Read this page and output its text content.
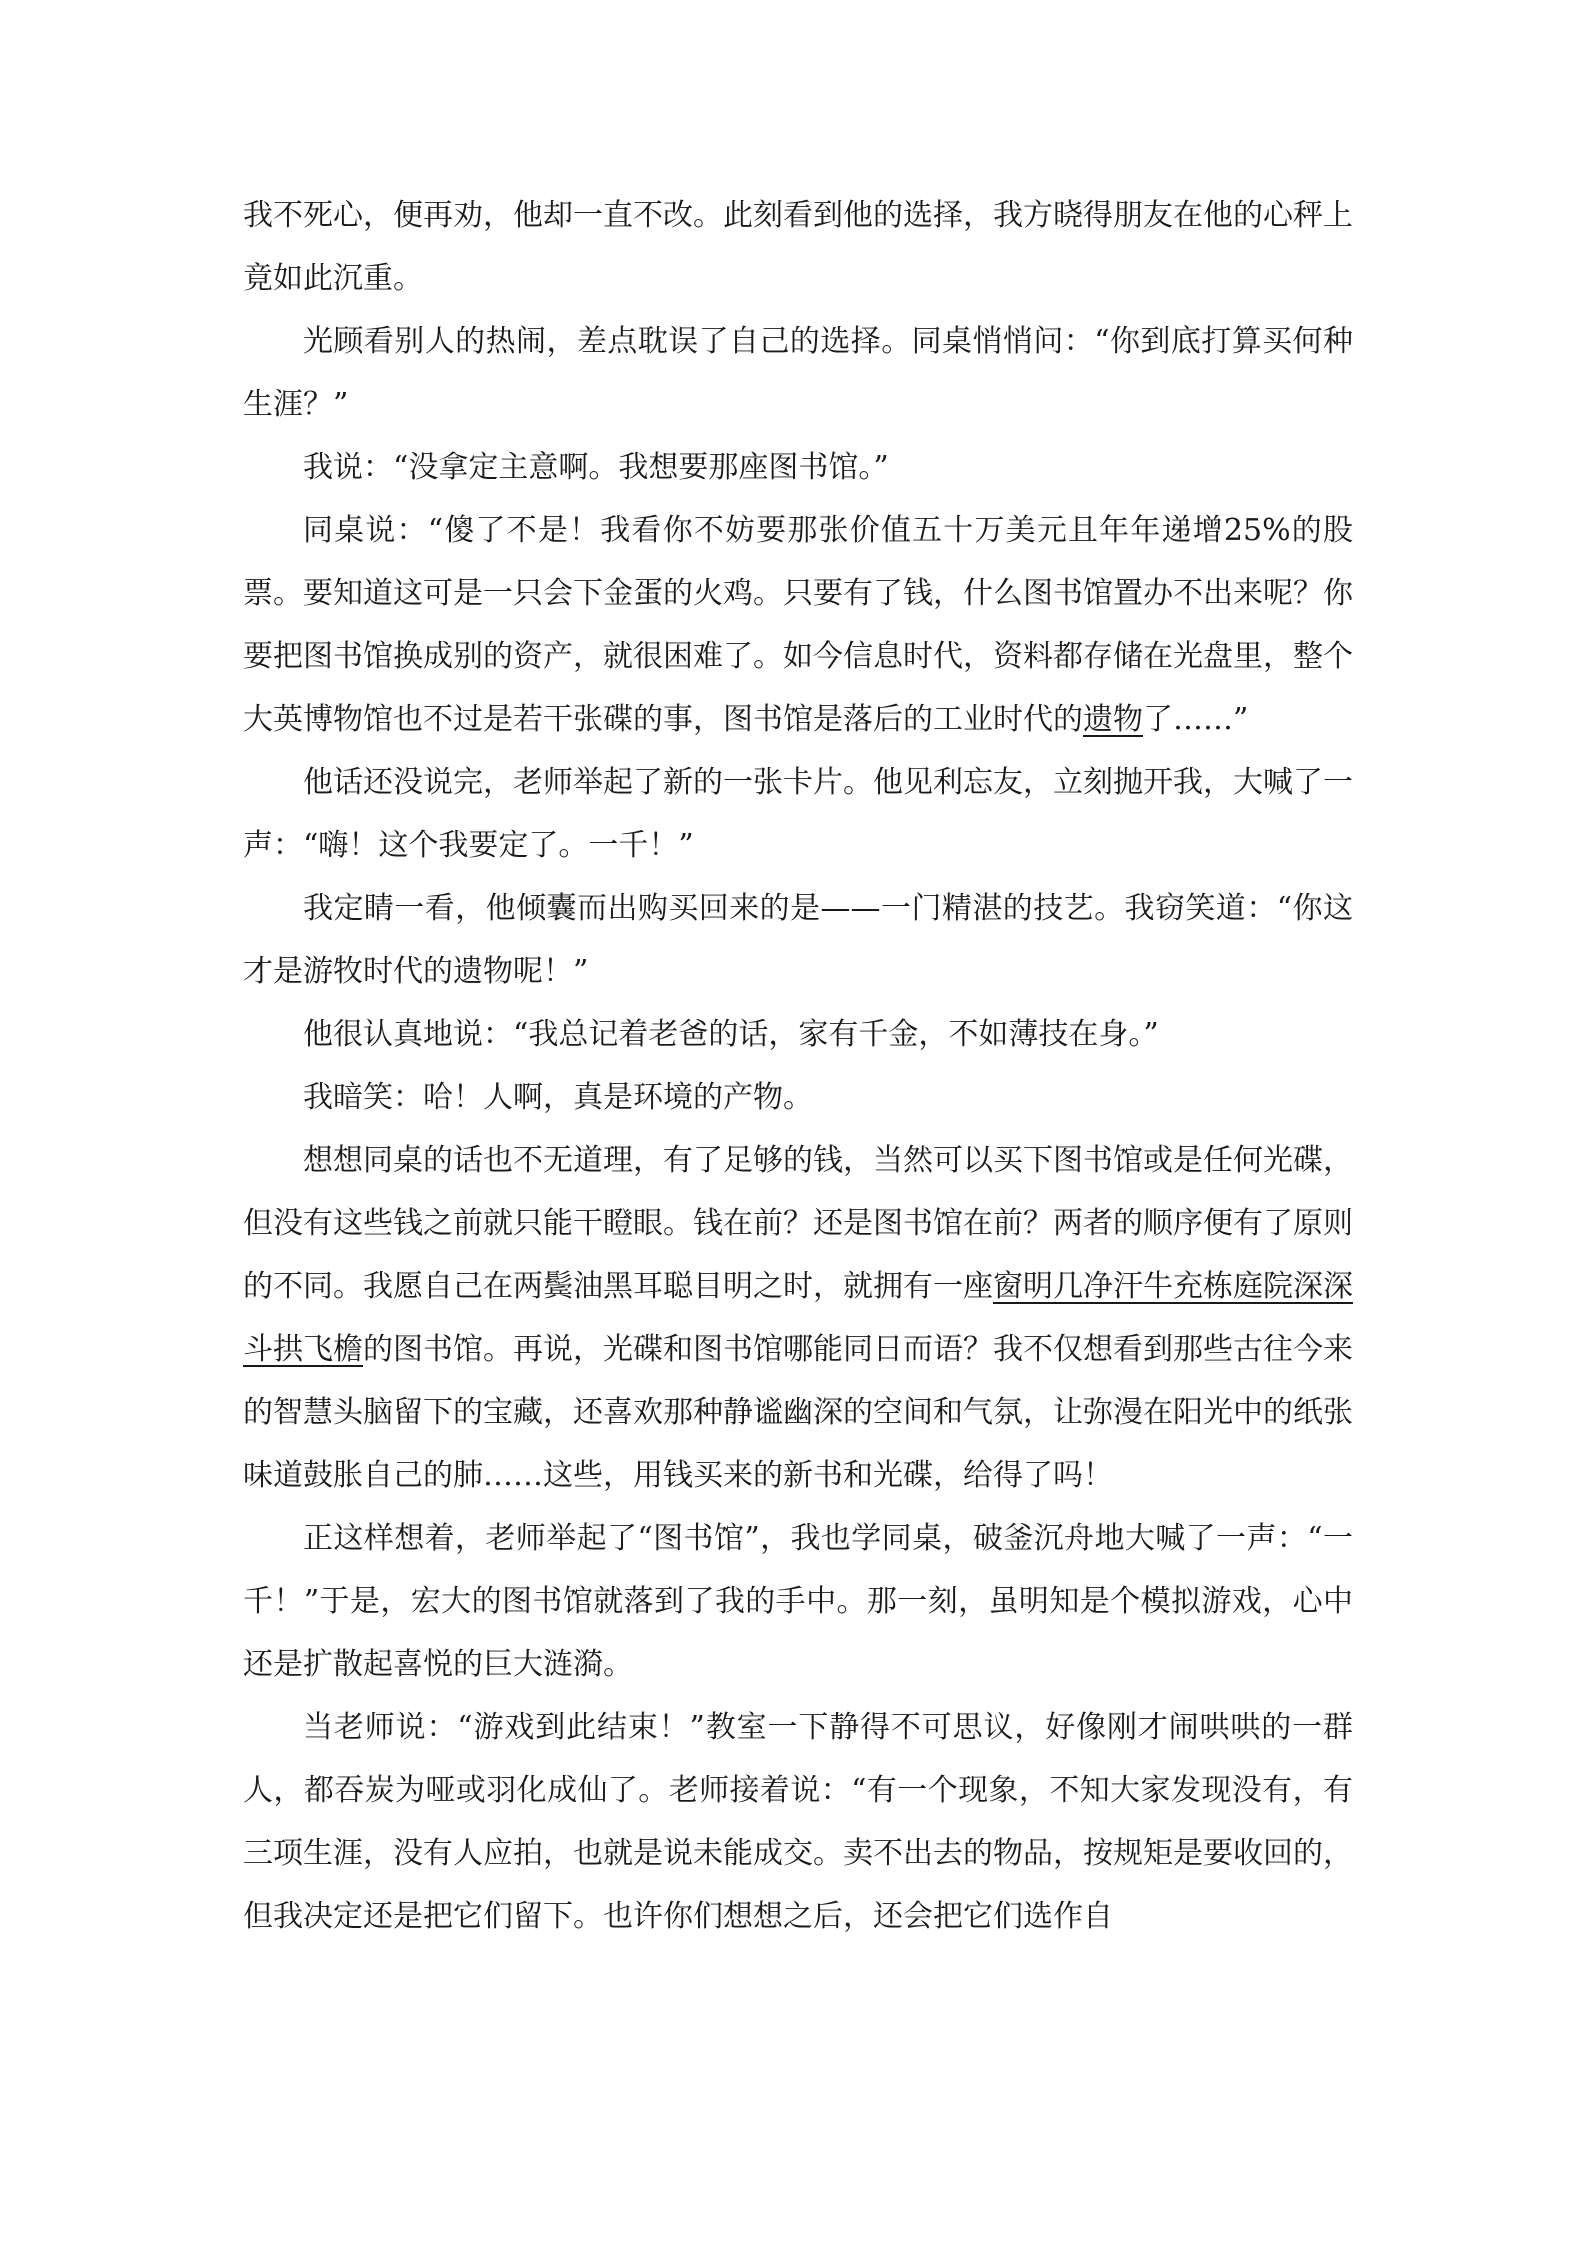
我不死心，便再劝，他却一直不改。此刻看到他的选择，我方晓得朋友在他的心秤上竟如此沉重。

光顾看别人的热闹，差点耽误了自己的选择。同桌悄悄问：“你到底打算买何种生涯？”

我说：“没拿定主意啊。我想要那座图书馆。”

同桌说：“傻了不是！我看你不妨要那张价值五十万美元且年年递增25%的股票。要知道这可是一只会下金蛋的火鸡。只要有了钱，什么图书馆置办不出来呢？你要把图书馆换成别的资产，就很困难了。如今信息时代，资料都存储在光盘里，整个大英博物馆也不过是若干张碟的事，图书馆是落后的工业时代的遗物了……”

他话还没说完，老师举起了新的一张卡片。他见利忘友，立刻抛开我，大喊了一声：“嗨！这个我要定了。一千！”

我定睛一看，他倾囊而出购买回来的是——一门精湛的技艺。我窃笑道：“你这才是游牧时代的遗物呢！”

他很认真地说：“我总记着老爸的话，家有千金，不如薄技在身。”

我暗笑：哈！人啊，真是环境的产物。

想想同桌的话也不无道理，有了足够的钱，当然可以买下图书馆或是任何光碟，但没有这些钱之前就只能干瞪眼。钱在前？还是图书馆在前？两者的顺序便有了原则的不同。我愿自己在两鬓油黑耳聪目明之时，就拥有一座窗明几净汗牛充栋庭院深深斗拱飞檐的图书馆。再说，光碟和图书馆哪能同日而语？我不仅想看到那些古往今来的智慧头脑留下的宝藏，还喜欢那种静谧幽深的空间和气氛，让弥漫在阳光中的纸张味道鼓胀自己的肺……这些，用钱买来的新书和光碟，给得了吗！

正这样想着，老师举起了“图书馆”，我也学同桌，破釜沉舟地大喊了一声：“一千！”于是，宏大的图书馆就落到了我的手中。那一刻，虽明知是个模拟游戏，心中还是扩散起喜悦的巨大涟漪。

当老师说：“游戏到此结束！”教室一下静得不可思议，好像刚才闹哄哄的一群人，都吞炭为哑或羽化成仙了。老师接着说：“有一个现象，不知大家发现没有，有三项生涯，没有人应拍，也就是说未能成交。卖不出去的物品，按规矩是要收回的，但我决定还是把它们留下。也许你们想想之后，还会把它们选作自
